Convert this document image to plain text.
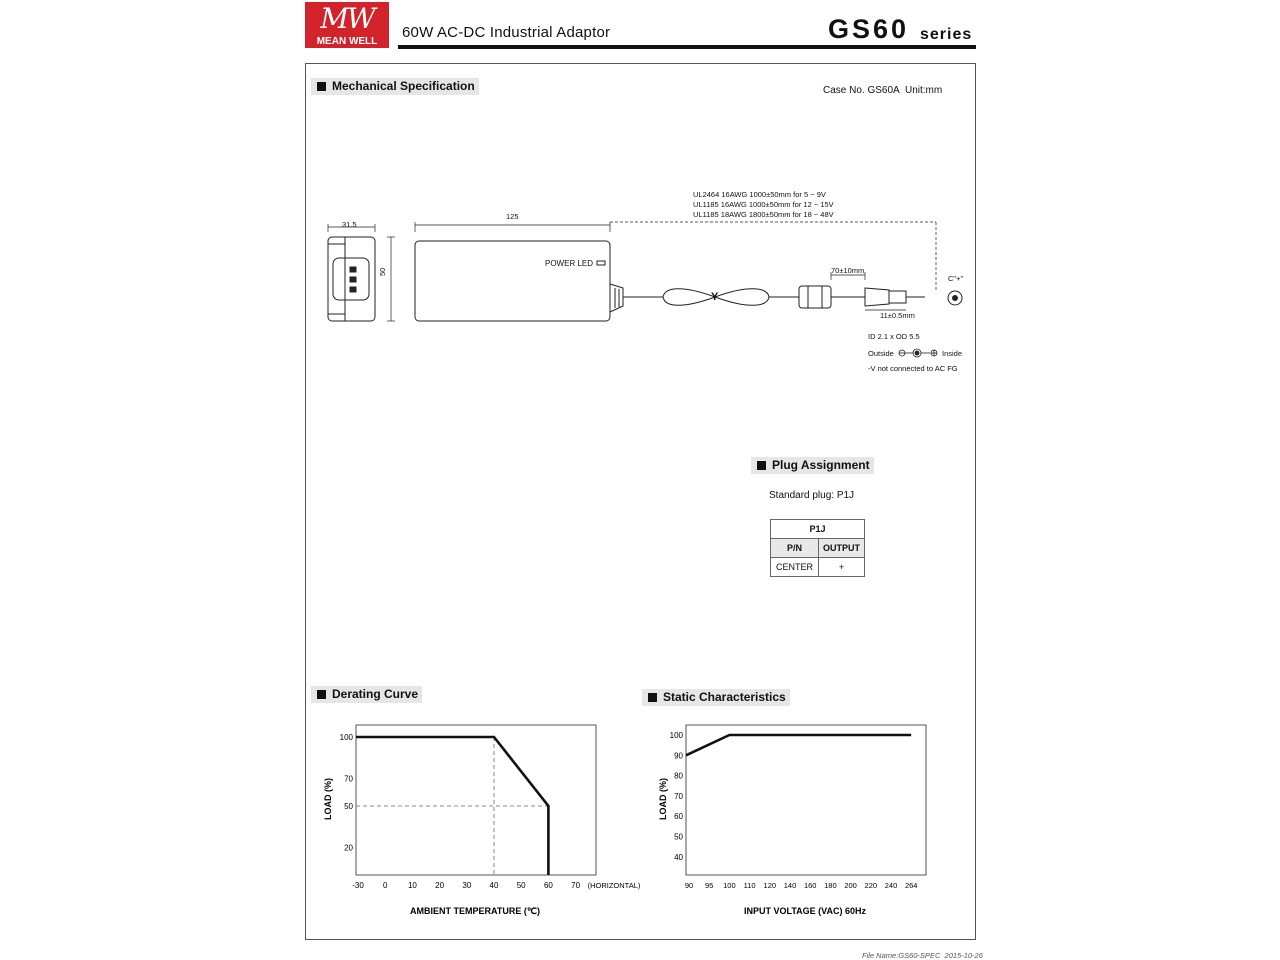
MW
MEAN WELL
60W AC-DC Industrial Adaptor	GS60 series
Mechanical Specification	Case No. GS60A Unit:mm
UL2464 16AWG 1000±50mm for 5 ~ 9V
UL1185 16AWG 1000±50mm for 12 ~ 15V
UL1185 18AWG 1800±50mm for 18 ~ 48V
Y
31.5
125
50
POWER LED
70±10mm
11±0.5mm
C"+"
ID 2.1 x OD 5.5
Outside	Inside
-V not connected to AC FG
Plug Assignment
Standard plug: P1J
P1J	
P/N	OUTPUT
CENTER	+
Derating Curve
-30 0	10 20 30 40 50 60 70 (HORIZONTAL)
100
70
50
20
LOAD (%)
AMBIENT TEMPERATURE (℃)
Static Characteristics
90 95 100 110 120 140 160 180 200 220 240 264
100
90
80
70
60
50
40
LOAD (%)
INPUT VOLTAGE (VAC) 60Hz
File Name:GS60-SPEC 2015-10-26
